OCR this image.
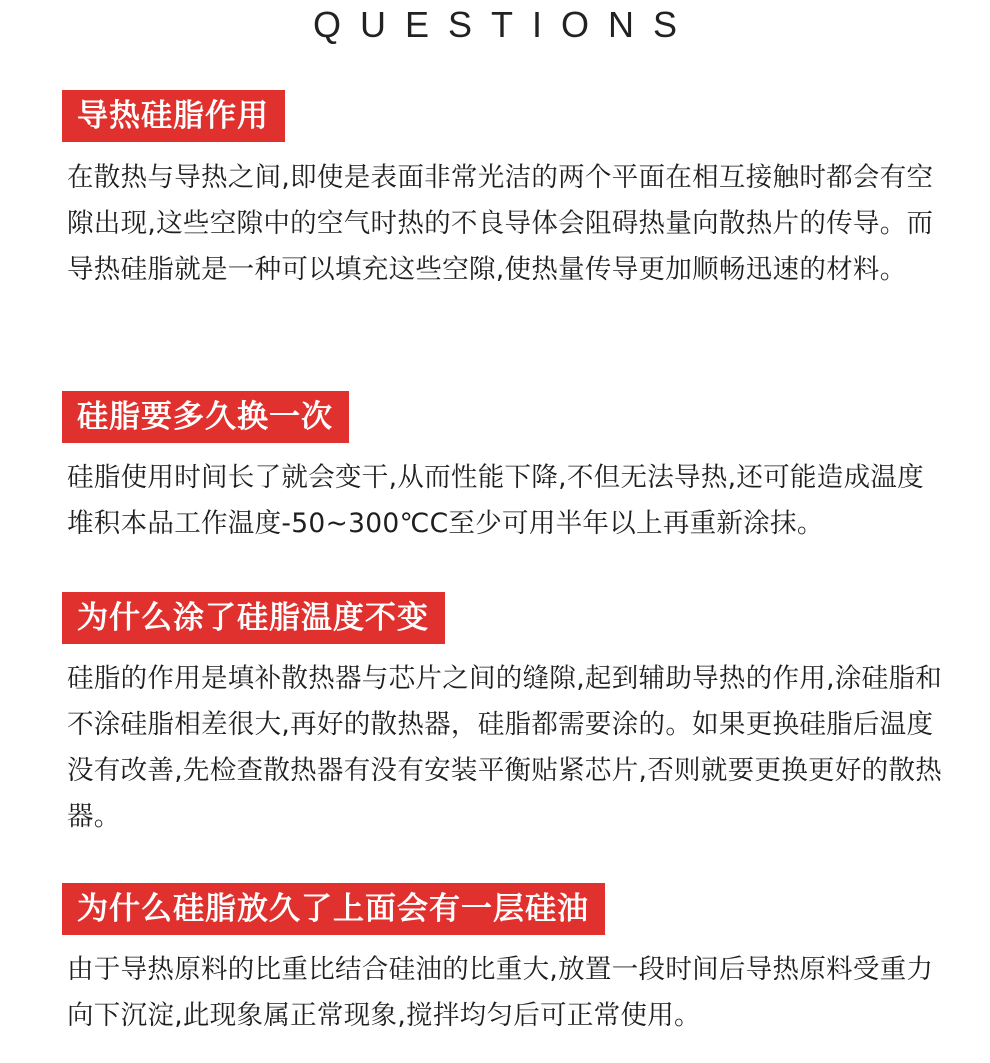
QUESTIONS
导热硅脂作用
在散热与导热之间,即使是表面非常光洁的两个平面在相互接触时都会有空隙出现,这些空隙中的空气时热的不良导体会阻碍热量向散热片的传导。而导热硅脂就是一种可以填充这些空隙,使热量传导更加顺畅迅速的材料。
硅脂要多久换一次
硅脂使用时间长了就会变干,从而性能下降,不但无法导热,还可能造成温度堆积本品工作温度-50~300℃C至少可用半年以上再重新涂抹。
为什么涂了硅脂温度不变
硅脂的作用是填补散热器与芯片之间的缝隙,起到辅助导热的作用,涂硅脂和不涂硅脂相差很大,再好的散热器，硅脂都需要涂的。如果更换硅脂后温度没有改善,先检查散热器有没有安装平衡贴紧芯片,否则就要更换更好的散热器。
为什么硅脂放久了上面会有一层硅油
由于导热原料的比重比结合硅油的比重大,放置一段时间后导热原料受重力向下沉淀,此现象属正常现象,搅拌均匀后可正常使用。
